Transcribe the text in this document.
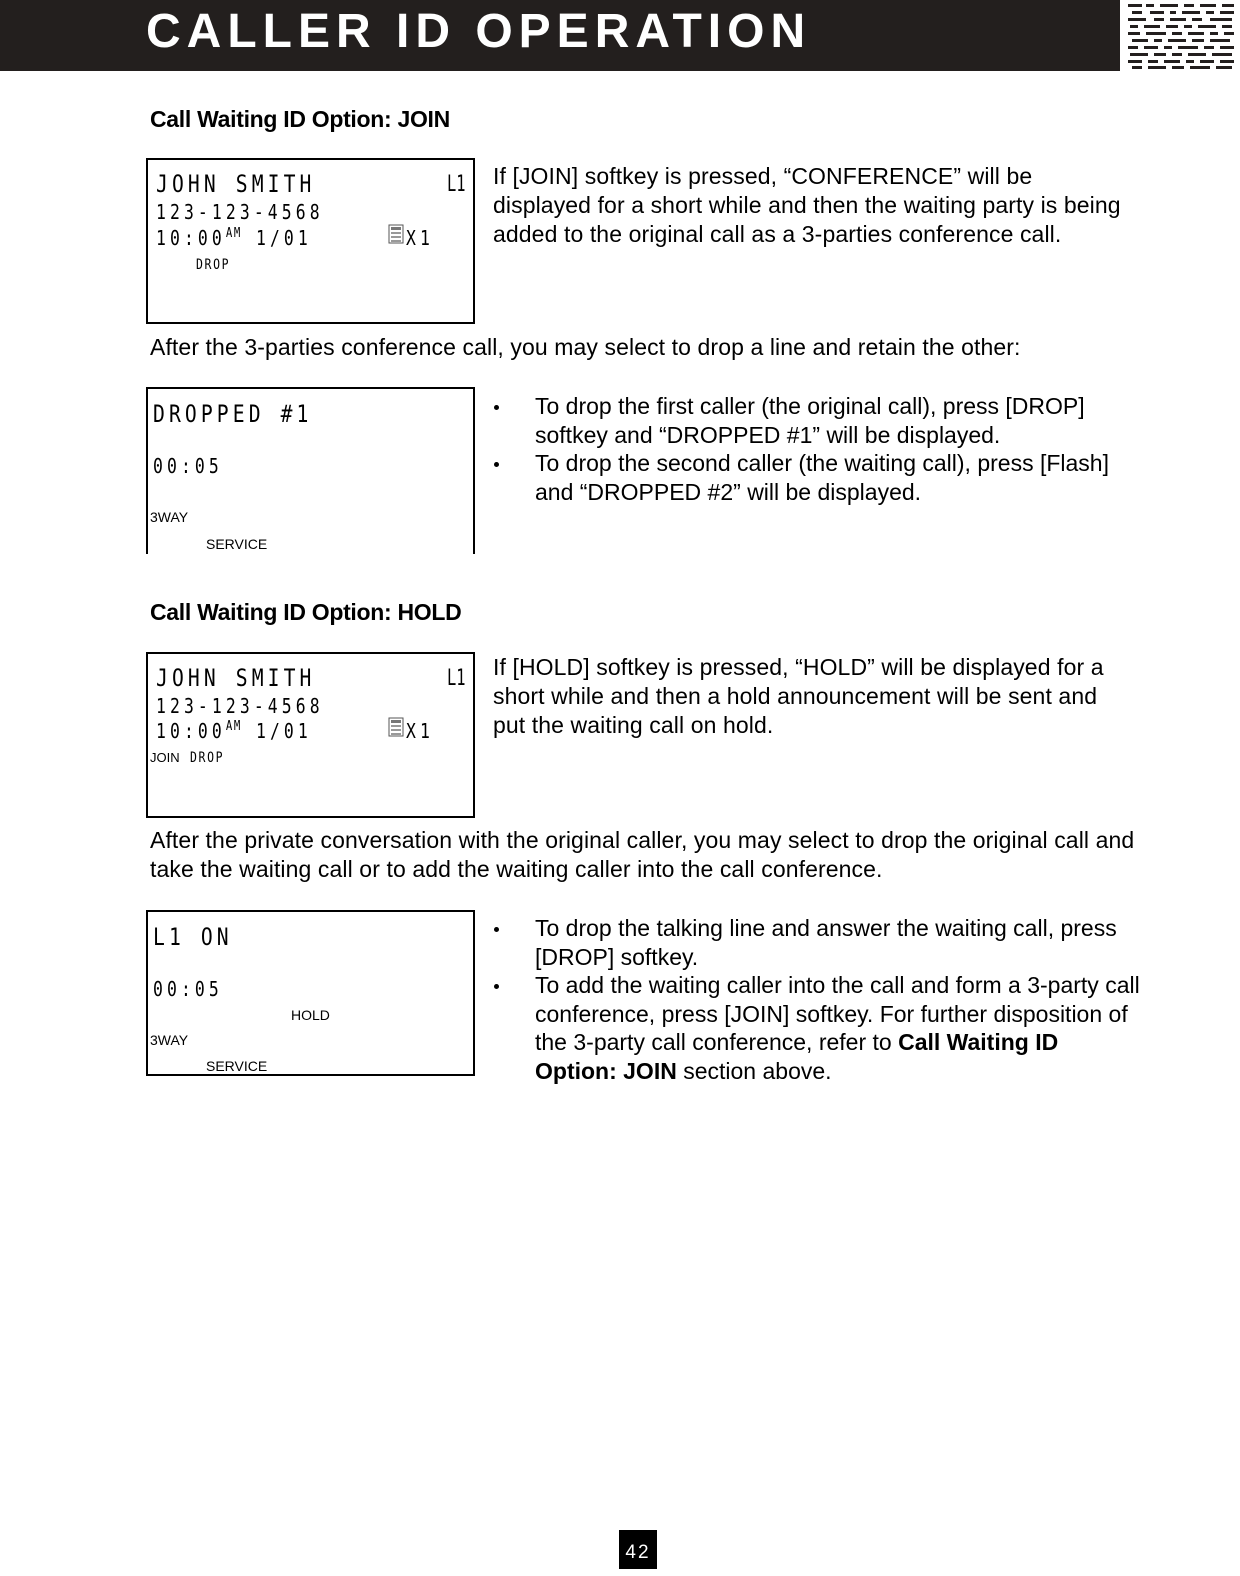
CALLER ID OPERATION
Call Waiting ID Option: JOIN
JOHN SMITH	L1
123-123-4568
$10:00^{AM}$ 1/01	X1
DROP
If [JOIN] softkey is pressed, “CONFERENCE” will be displayed for a short while and then the waiting party is being added to the original call as a 3-parties conference call.
After the 3-parties conference call, you may select to drop a line and retain the other:
DROPPED #1
00:05
3WAY
SERVICE
To drop the first caller (the original call), press [DROP] softkey and “DROPPED #1” will be displayed.
To drop the second caller (the waiting call), press [Flash] and “DROPPED #2” will be displayed.
Call Waiting ID Option: HOLD
JOHN SMITH	L1
123-123-4568
$10:00^{AM}$ 1/01	X1
JOIN DROP
If [HOLD] softkey is pressed, “HOLD” will be displayed for a short while and then a hold announcement will be sent and put the waiting call on hold.
After the private conversation with the original caller, you may select to drop the original call and take the waiting call or to add the waiting caller into the call conference.
L1 ON
00:05
HOLD
3WAY
SERVICE
To drop the talking line and answer the waiting call, press [DROP] softkey.
To add the waiting caller into the call and form a 3-party call conference, press [JOIN] softkey. For further disposition of the 3-party call conference, refer to Call Waiting ID Option: JOIN section above.
42
